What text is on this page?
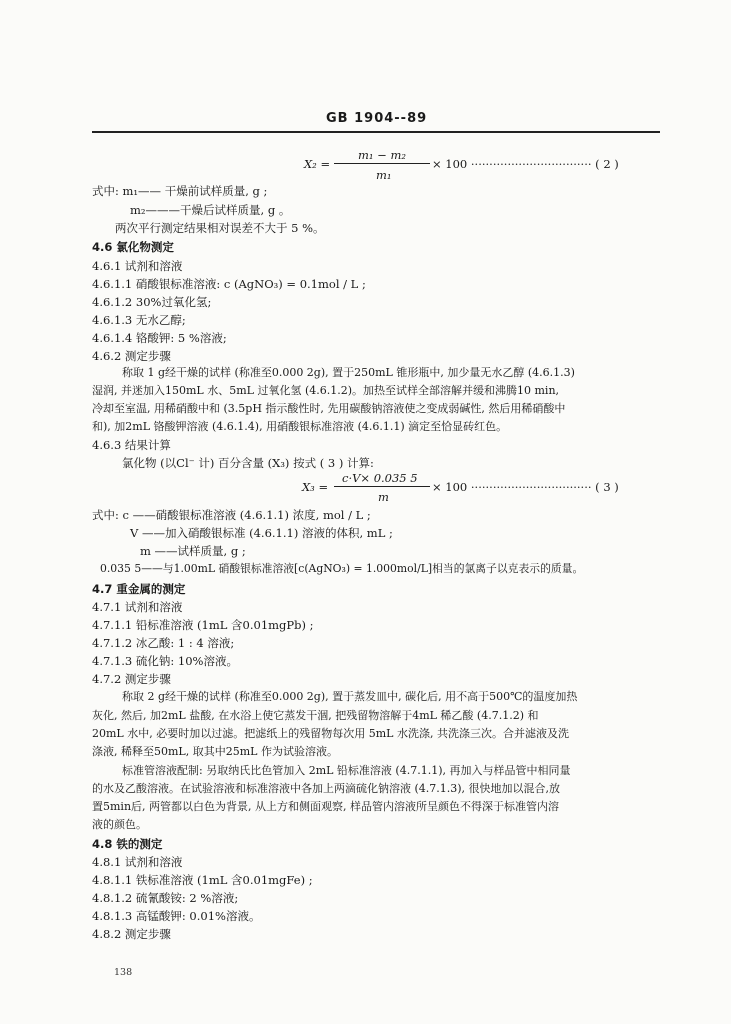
GB 1904--89
X₂ =
m₁ − m₂
m₁
× 100 ································· ( 2 )
式中: m₁—— 干燥前试样质量, g ;
m₂———干燥后试样质量, g 。
两次平行测定结果相对误差不大于 5 %。
4.6 氯化物测定
4.6.1 试剂和溶液
4.6.1.1 硝酸银标准溶液: c (AgNO₃) = 0.1mol / L ;
4.6.1.2 30%过氧化氢;
4.6.1.3 无水乙醇;
4.6.1.4 铬酸钾: 5 %溶液;
4.6.2 测定步骤
称取 1 g经干燥的试样 (称准至0.000 2g), 置于250mL 锥形瓶中, 加少量无水乙醇 (4.6.1.3)
湿润, 并迷加入150mL 水、5mL 过氧化氢 (4.6.1.2)。加热至试样全部溶解并缓和沸腾10 min,
冷却至室温, 用稀硝酸中和 (3.5pH 指示酸性时, 先用碳酸钠溶液使之变成弱碱性, 然后用稀硝酸中
和), 加2mL 铬酸钾溶液 (4.6.1.4), 用硝酸银标准溶液 (4.6.1.1) 滴定至恰显砖红色。
4.6.3 结果计算
氯化物 (以Cl⁻ 计) 百分含量 (X₃) 按式 ( 3 ) 计算:
X₃ =
c·V× 0.035 5
m
× 100 ································· ( 3 )
式中: c ——硝酸银标准溶液 (4.6.1.1) 浓度, mol / L ;
V ——加入硝酸银标准 (4.6.1.1) 溶液的体积, mL ;
m ——试样质量, g ;
0.035 5——与1.00mL 硝酸银标准溶液[c(AgNO₃) = 1.000mol/L]相当的氯离子以克表示的质量。
4.7 重金属的测定
4.7.1 试剂和溶液
4.7.1.1 铅标准溶液 (1mL 含0.01mgPb) ;
4.7.1.2 冰乙酸: 1 : 4 溶液;
4.7.1.3 硫化钠: 10%溶液。
4.7.2 测定步骤
称取 2 g经干燥的试样 (称准至0.000 2g), 置于蒸发皿中, 碳化后, 用不高于500℃的温度加热
灰化, 然后, 加2mL 盐酸, 在水浴上使它蒸发干涸, 把残留物溶解于4mL 稀乙酸 (4.7.1.2) 和
20mL 水中, 必要时加以过滤。把滤纸上的残留物每次用 5mL 水洗涤, 共洗涤三次。合并滤液及洗
涤液, 稀释至50mL, 取其中25mL 作为试验溶液。
标准管溶液配制: 另取纳氏比色管加入 2mL 铅标准溶液 (4.7.1.1), 再加入与样品管中相同量
的水及乙酸溶液。在试验溶液和标准溶液中各加上两滴硫化钠溶液 (4.7.1.3), 很快地加以混合,放
置5min后, 两管都以白色为背景, 从上方和侧面观察, 样品管内溶液所呈颜色不得深于标准管内溶
液的颜色。
4.8 铁的测定
4.8.1 试剂和溶液
4.8.1.1 铁标准溶液 (1mL 含0.01mgFe) ;
4.8.1.2 硫氰酸铵: 2 %溶液;
4.8.1.3 高锰酸钾: 0.01%溶液。
4.8.2 测定步骤
138
